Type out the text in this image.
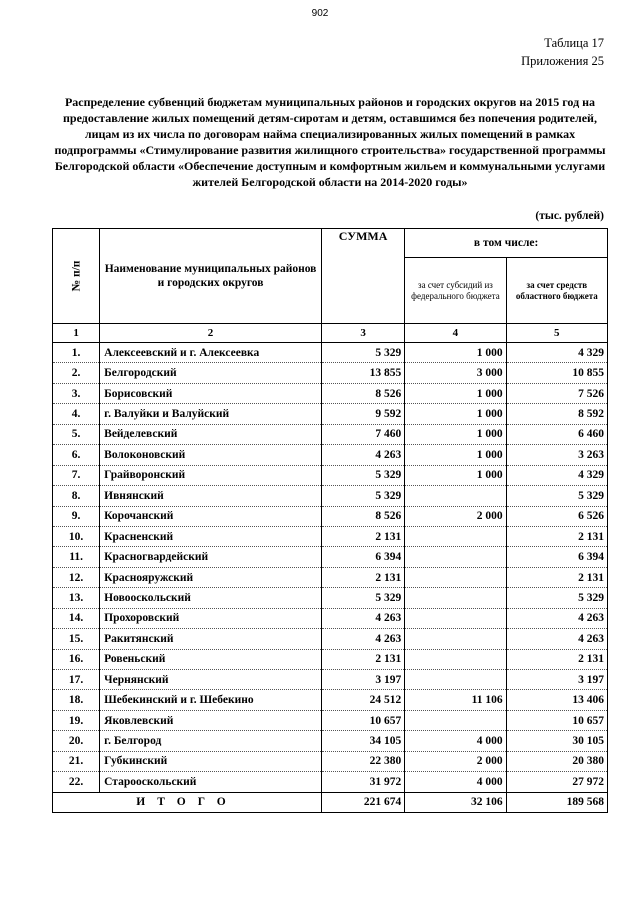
902
Таблица 17
Приложения 25
Распределение субвенций бюджетам муниципальных районов и городских округов на 2015 год на предоставление жилых помещений детям-сиротам и детям, оставшимся без попечения родителей, лицам из их числа по договорам найма специализированных жилых помещений в рамках подпрограммы «Стимулирование развития жилищного строительства» государственной программы Белгородской области «Обеспечение доступным и комфортным жильем и коммунальными услугами жителей Белгородской области на 2014-2020 годы»
(тыс. рублей)
№ п/п	Наименование муниципальных районов и городских округов	СУММА	в том числе:	
			за счет субсидий из федерального бюджета	за счет средств областного бюджета
1	2	3	4	5
1.	Алексеевский и г. Алексеевка	5 329	1 000	4 329
2.	Белгородский	13 855	3 000	10 855
3.	Борисовский	8 526	1 000	7 526
4.	г. Валуйки и Валуйский	9 592	1 000	8 592
5.	Вейделевский	7 460	1 000	6 460
6.	Волоконовский	4 263	1 000	3 263
7.	Грайворонский	5 329	1 000	4 329
8.	Ивнянский	5 329		5 329
9.	Корочанский	8 526	2 000	6 526
10.	Красненский	2 131		2 131
11.	Красногвардейский	6 394		6 394
12.	Краснояружский	2 131		2 131
13.	Новооскольский	5 329		5 329
14.	Прохоровский	4 263		4 263
15.	Ракитянский	4 263		4 263
16.	Ровеньский	2 131		2 131
17.	Чернянский	3 197		3 197
18.	Шебекинский и г. Шебекино	24 512	11 106	13 406
19.	Яковлевский	10 657		10 657
20.	г. Белгород	34 105	4 000	30 105
21.	Губкинский	22 380	2 000	20 380
22.	Старооскольский	31 972	4 000	27 972
ИТОГО		221 674	32 106	189 568
